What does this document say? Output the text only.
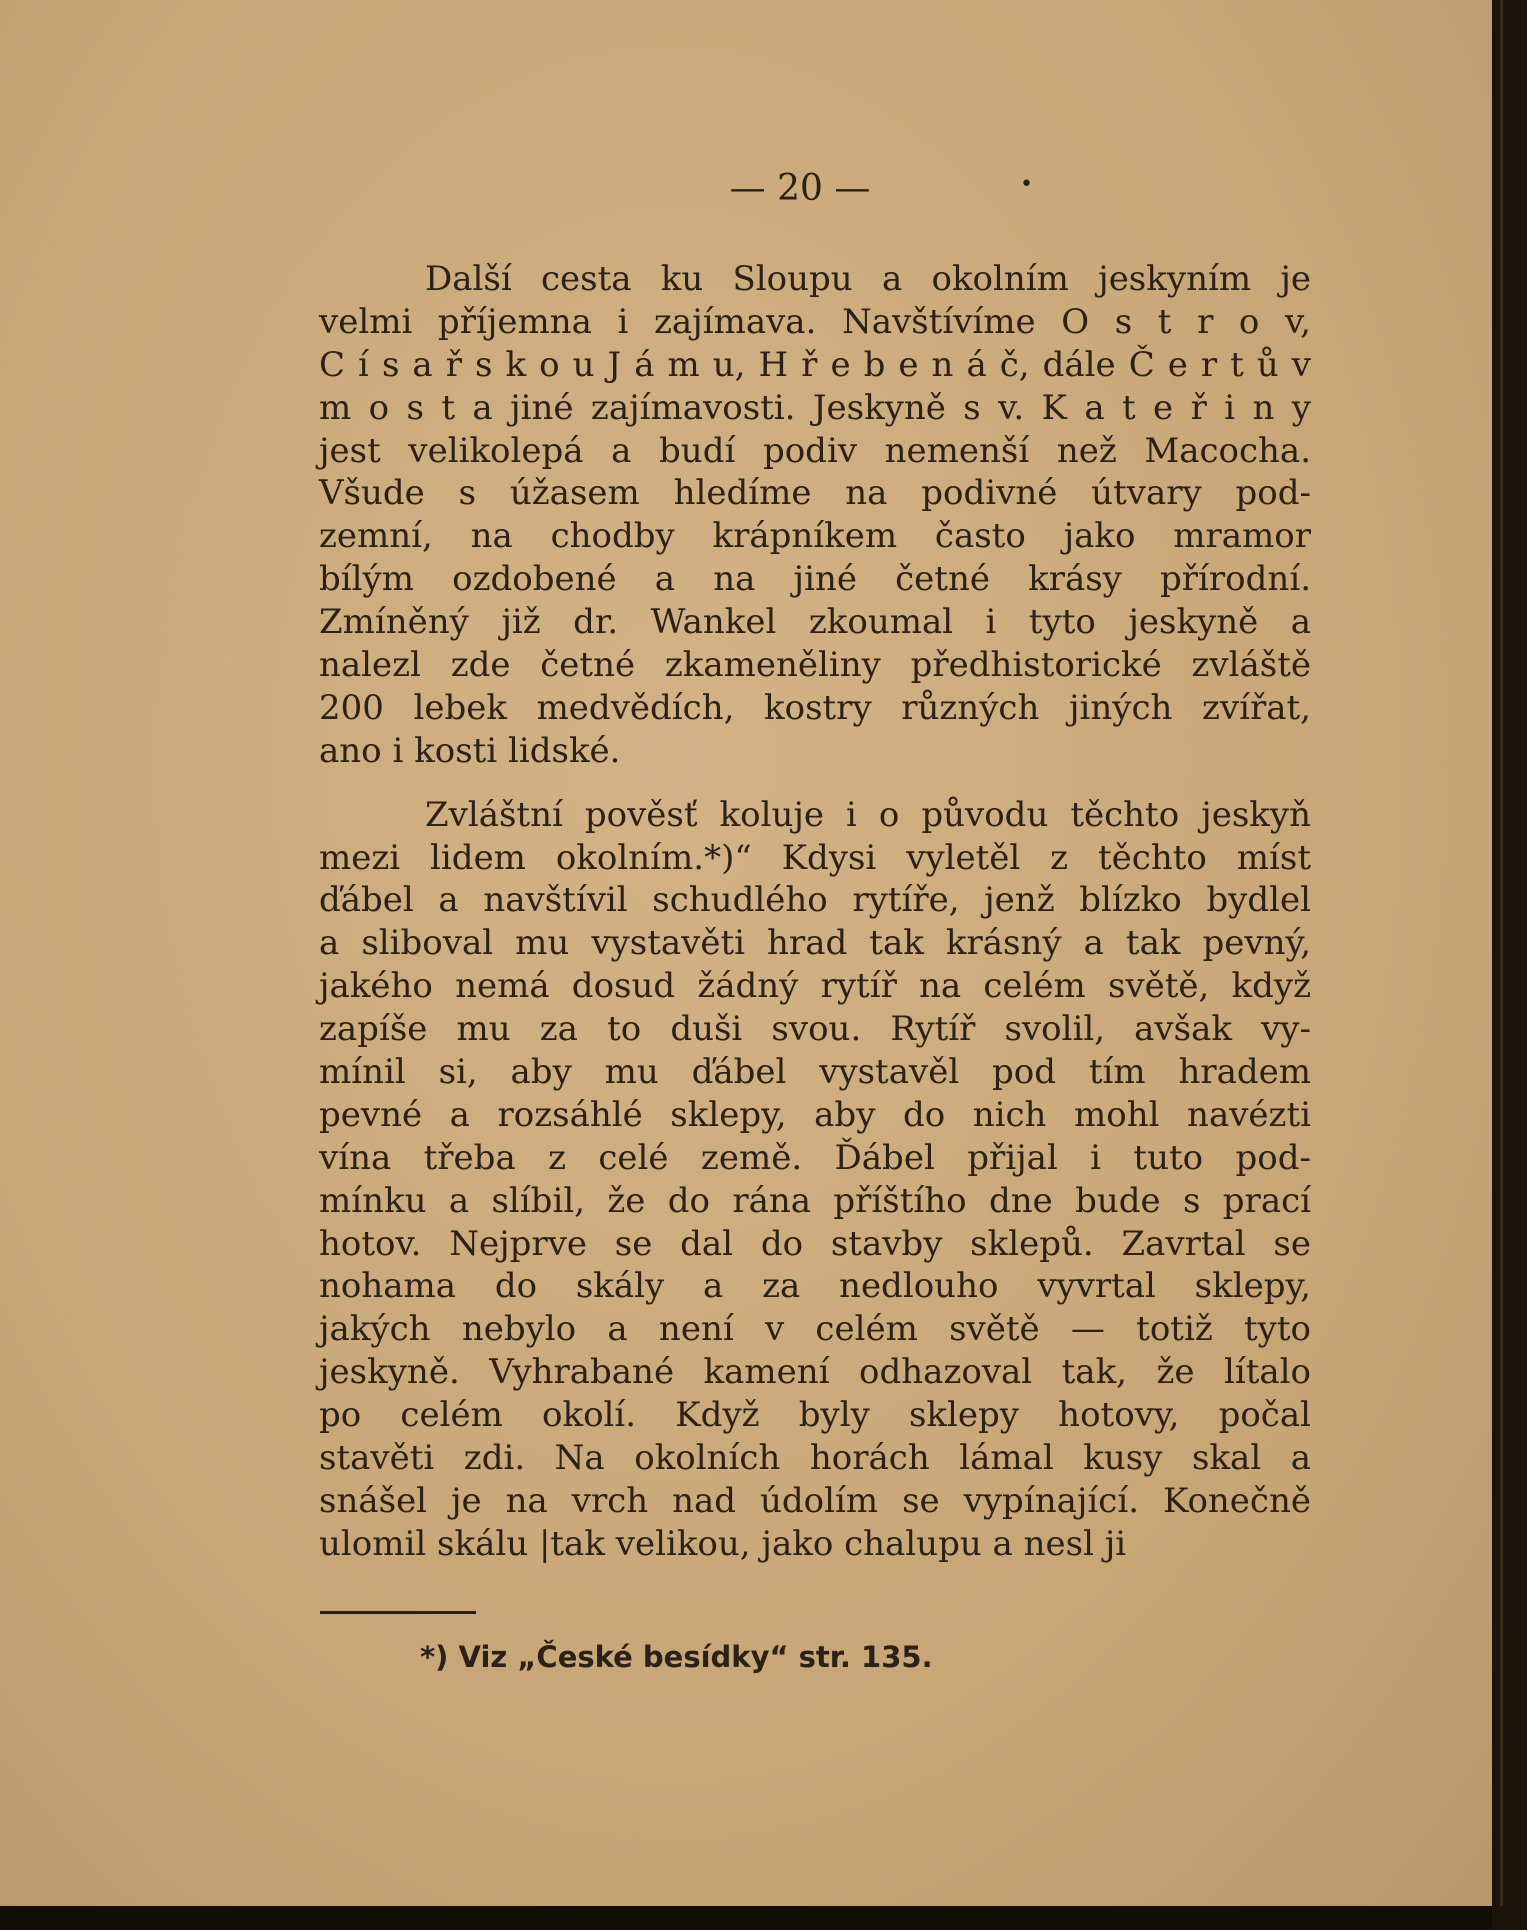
— 20 —	•
Další cesta ku Sloupu a okolním jeskyním je
velmi příjemna i zajímava. Navštívíme O s t r o v,
C í s a ř s k o u J á m u, H ř e b e n á č, dále Č e r t ů v
m o s t a jiné zajímavosti. Jeskyně s v. K a t e ř i n y
jest velikolepá a budí podiv nemenší než Macocha.
Všude s úžasem hledíme na podivné útvary pod-
zemní, na chodby krápníkem často jako mramor
bílým ozdobené a na jiné četné krásy přírodní.
Zmíněný již dr. Wankel zkoumal i tyto jeskyně a
nalezl zde četné zkameněliny předhistorické zvláště
200 lebek medvědích, kostry různých jiných zvířat,
ano i kosti lidské.
Zvláštní pověsť koluje i o původu těchto jeskyň
mezi lidem okolním.*)“ Kdysi vyletěl z těchto míst
ďábel a navštívil schudlého rytíře, jenž blízko bydlel
a sliboval mu vystavěti hrad tak krásný a tak pevný,
jakého nemá dosud žádný rytíř na celém světě, když
zapíše mu za to duši svou. Rytíř svolil, avšak vy-
mínil si, aby mu ďábel vystavěl pod tím hradem
pevné a rozsáhlé sklepy, aby do nich mohl navézti
vína třeba z celé země. Ďábel přijal i tuto pod-
mínku a slíbil, že do rána příštího dne bude s prací
hotov. Nejprve se dal do stavby sklepů. Zavrtal se
nohama do skály a za nedlouho vyvrtal sklepy,
jakých nebylo a není v celém světě — totiž tyto
jeskyně. Vyhrabané kamení odhazoval tak, že lítalo
po celém okolí. Když byly sklepy hotovy, počal
stavěti zdi. Na okolních horách lámal kusy skal a
snášel je na vrch nad údolím se vypínající. Konečně
ulomil skálu |tak velikou, jako chalupu a nesl ji
*) Viz „České besídky“ str. 135.
